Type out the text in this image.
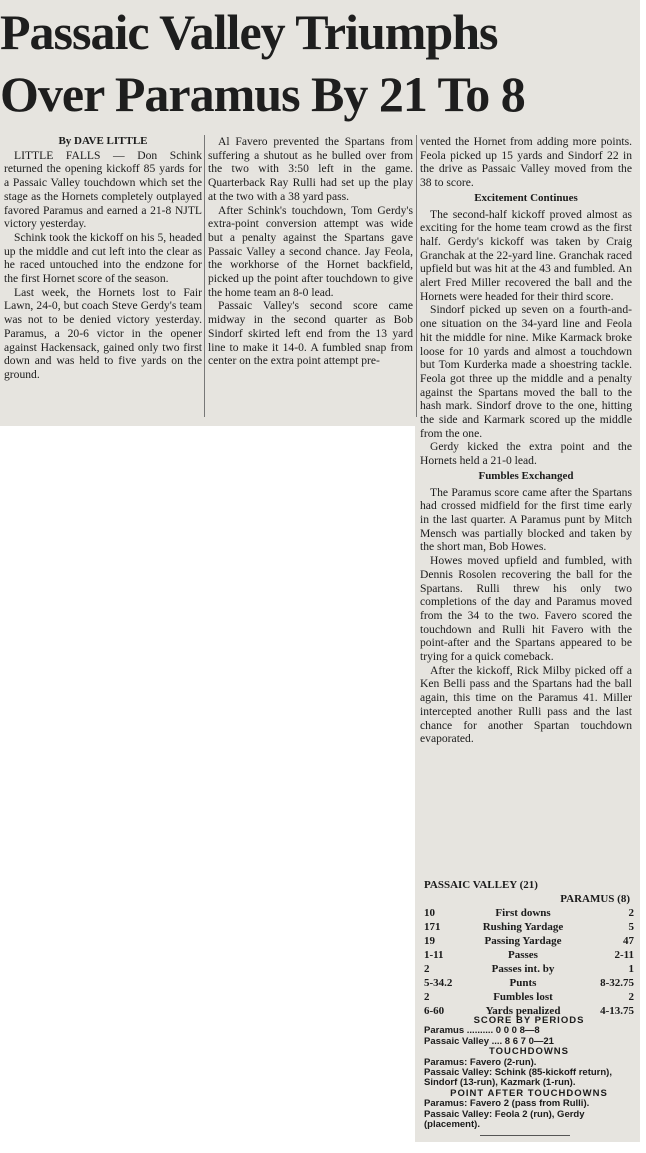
Passaic Valley Triumphs
Over Paramus By 21 To 8

By DAVE LITTLE

LITTLE FALLS — Don Schink returned the opening kickoff 85 yards for a Passaic Valley touchdown which set the stage as the Hornets completely outplayed favored Paramus and earned a 21-8 NJTL victory yesterday.

Schink took the kickoff on his 5, headed up the middle and cut left into the clear as he raced untouched into the endzone for the first Hornet score of the season.

Last week, the Hornets lost to Fair Lawn, 24-0, but coach Steve Gerdy's team was not to be denied victory yesterday. Paramus, a 20-6 victor in the opener against Hackensack, gained only two first down and was held to five yards on the ground.

Al Favero prevented the Spartans from suffering a shutout as he bulled over from the two with 3:50 left in the game. Quarterback Ray Rulli had set up the play at the two with a 38 yard pass.

After Schink's touchdown, Tom Gerdy's extra-point conversion attempt was wide but a penalty against the Spartans gave Passaic Valley a second chance. Jay Feola, the workhorse of the Hornet backfield, picked up the point after touchdown to give the home team an 8-0 lead.

Passaic Valley's second score came midway in the second quarter as Bob Sindorf skirted left end from the 13 yard line to make it 14-0. A fumbled snap from center on the extra point attempt pre-

vented the Hornet from adding more points. Feola picked up 15 yards and Sindorf 22 in the drive as Passaic Valley moved from the 38 to score.

Excitement Continues

The second-half kickoff proved almost as exciting for the home team crowd as the first half. Gerdy's kickoff was taken by Craig Granchak at the 22-yard line. Granchak raced upfield but was hit at the 43 and fumbled. An alert Fred Miller recovered the ball and the Hornets were headed for their third score.

Sindorf picked up seven on a fourth-and-one situation on the 34-yard line and Feola hit the middle for nine. Mike Karmack broke loose for 10 yards and almost a touchdown but Tom Kurderka made a shoestring tackle. Feola got three up the middle and a penalty against the Spartans moved the ball to the hash mark. Sindorf drove to the one, hitting the side and Karmark scored up the middle from the one.

Gerdy kicked the extra point and the Hornets held a 21-0 lead.

Fumbles Exchanged

The Paramus score came after the Spartans had crossed midfield for the first time early in the last quarter. A Paramus punt by Mitch Mensch was partially blocked and taken by the short man, Bob Howes.

Howes moved upfield and fumbled, with Dennis Rosolen recovering the ball for the Spartans. Rulli threw his only two completions of the day and Paramus moved from the 34 to the two. Favero scored the touchdown and Rulli hit Favero with the point-after and the Spartans appeared to be trying for a quick comeback.

After the kickoff, Rick Milby picked off a Ken Belli pass and the Spartans had the ball again, this time on the Paramus 41. Miller intercepted another Rulli pass and the last chance for another Spartan touchdown evaporated.

PASSAIC VALLEY (21)
PARAMUS (8)
10	First downs	2
171	Rushing Yardage	5
19	Passing Yardage	47
1-11	Passes	2-11
2	Passes int. by	1
5-34.2	Punts	8-32.75
2	Fumbles lost	2
6-60	Yards penalized	4-13.75

SCORE BY PERIODS

Paramus .......... 0 0 0 8—8

Passaic Valley .... 8 6 7 0—21

TOUCHDOWNS

Paramus: Favero (2-run).

Passaic Valley: Schink (85-kickoff return), Sindorf (13-run), Kazmark (1-run).

POINT AFTER TOUCHDOWNS

Paramus: Favero 2 (pass from Rulli).

Passaic Valley: Feola 2 (run), Gerdy (placement).
